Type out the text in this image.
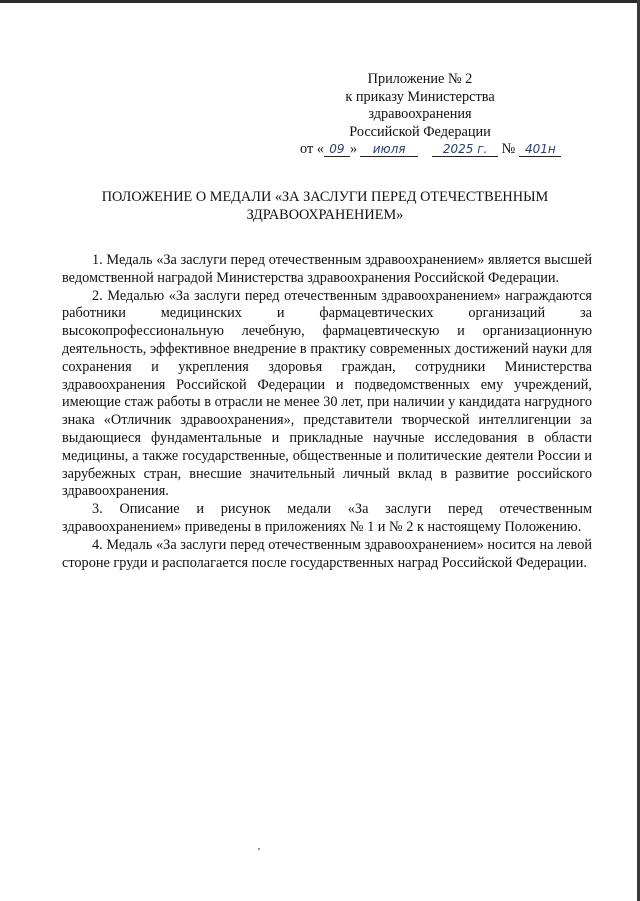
Приложение № 2
к приказу Министерства
здравоохранения
Российской Федерации
от « 09 » июля	2025 г. № 401н
ПОЛОЖЕНИЕ О МЕДАЛИ «ЗА ЗАСЛУГИ ПЕРЕД ОТЕЧЕСТВЕННЫМ ЗДРАВООХРАНЕНИЕМ»

1. Медаль «За заслуги перед отечественным здравоохранением» является высшей ведомственной наградой Министерства здравоохранения Российской Федерации.

2. Медалью «За заслуги перед отечественным здравоохранением» награждаются работники медицинских и фармацевтических организаций за высокопрофессиональную лечебную, фармацевтическую и организационную деятельность, эффективное внедрение в практику современных достижений науки для сохранения и укрепления здоровья граждан, сотрудники Министерства здравоохранения Российской Федерации и подведомственных ему учреждений, имеющие стаж работы в отрасли не менее 30 лет, при наличии у кандидата нагрудного знака «Отличник здравоохранения», представители творческой интеллигенции за выдающиеся фундаментальные и прикладные научные исследования в области медицины, а также государственные, общественные и политические деятели России и зарубежных стран, внесшие значительный личный вклад в развитие российского здравоохранения.

3. Описание и рисунок медали «За заслуги перед отечественным здравоохранением» приведены в приложениях № 1 и № 2 к настоящему Положению.

4. Медаль «За заслуги перед отечественным здравоохранением» носится на левой стороне груди и располагается после государственных наград Российской Федерации.
